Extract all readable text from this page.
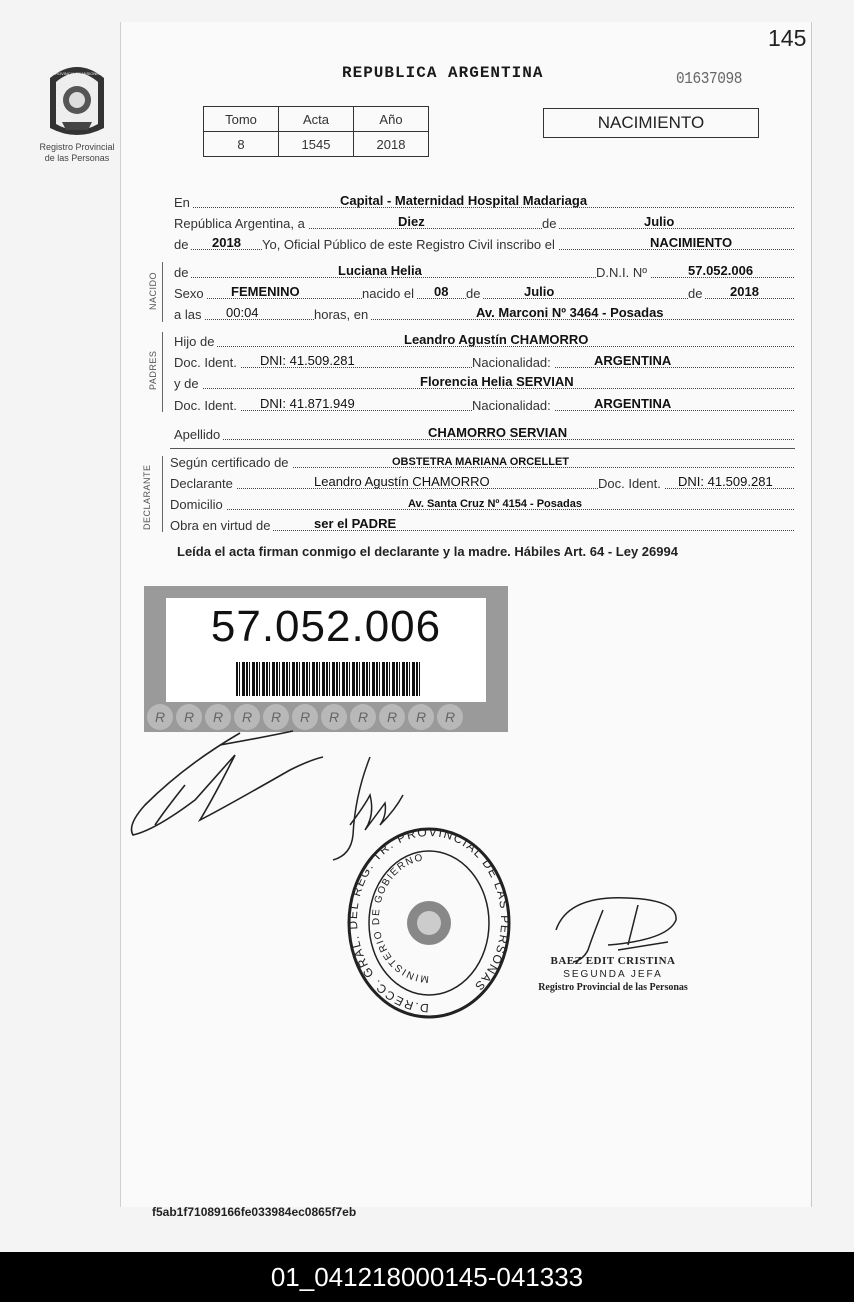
145
PROVINCIA DE MISIONES
Registro Provincial
de las Personas
REPUBLICA ARGENTINA	01637098
Tomo	Acta	Año
8	1545	2018
NACIMIENTO
En	Capital - Maternidad Hospital Madariaga
República Argentina, a	Diez	de	Julio
de 2018 Yo, Oficial Público de este Registro Civil inscribo el	NACIMIENTO
NACIDO de	Luciana Helia	D.N.I. Nº	57.052.006
Sexo FEMENINO	nacido el 08 de	Julio	de 2018
a las 00:04	horas, en	Av. Marconi Nº 3464 - Posadas
PADRES
Hijo de	Leandro Agustín CHAMORRO
Doc. Ident. DNI: 41.509.281	Nacionalidad:	ARGENTINA
y de	Florencia Helia SERVIAN
Doc. Ident. DNI: 41.871.949	Nacionalidad:	ARGENTINA
Apellido	CHAMORRO SERVIAN
DECLARANTE
Según certificado de	OBSTETRA MARIANA ORCELLET
Declarante	Leandro Agustín CHAMORRO	Doc. Ident. DNI: 41.509.281
Domicilio	Av. Santa Cruz Nº 4154 - Posadas
Obra en virtud de	ser el PADRE
Leída el acta firman conmigo el declarante y la madre. Hábiles Art. 64 - Ley 26994
57.052.006
R R R R R R R R R R R
D.RECC. GRAL. DEL REG. TR. PROVINCIAL DE LAS PERSONAS
MINISTERIO DE GOBIERNO
BAEZ EDIT CRISTINA
SEGUNDA JEFA
Registro Provincial de las Personas
f5ab1f71089166fe033984ec0865f7eb
01_041218000145-041333
